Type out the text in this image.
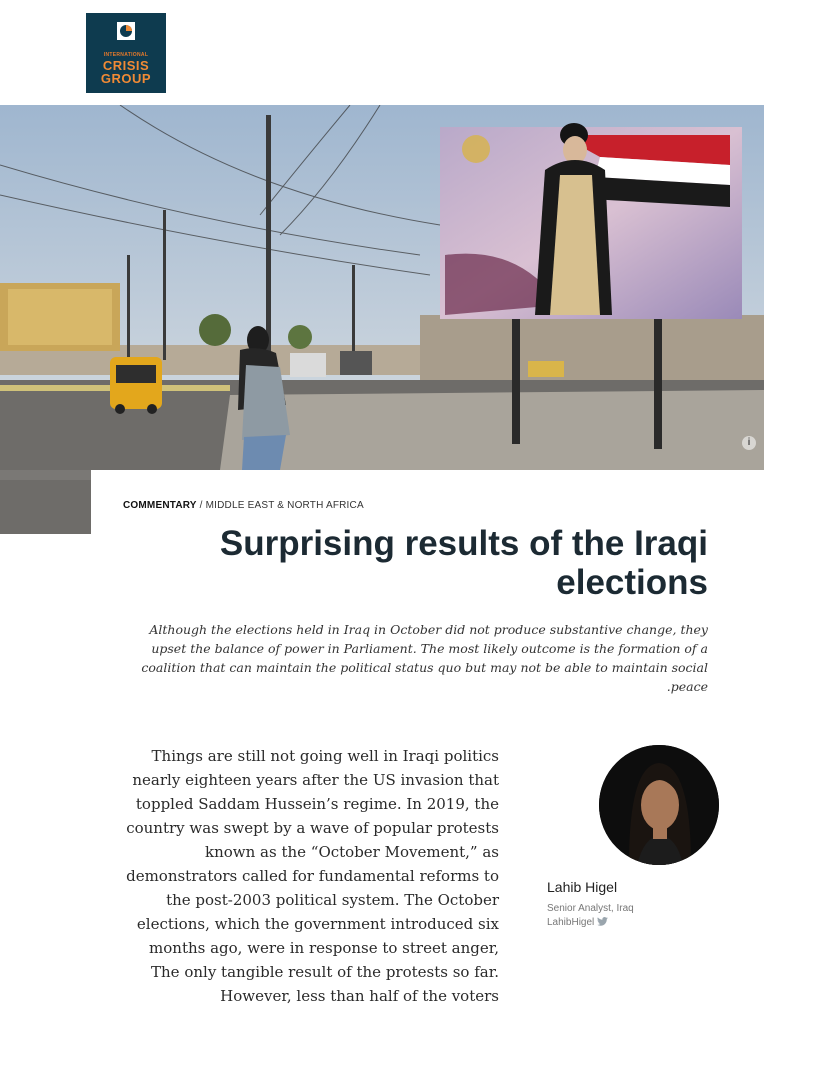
INTERNATIONAL
CRISIS
GROUP
i
COMMENTARY / MIDDLE EAST & NORTH AFRICA
Surprising results of the Iraqi elections

Although the elections held in Iraq in October did not produce substantive change, they upset the balance of power in Parliament. The most likely outcome is the formation of a coalition that can maintain the political status quo but may not be able to maintain social peace.

Things are still not going well in Iraqi politics nearly eighteen years after the US invasion that toppled Saddam Hussein’s regime. In 2019, the country was swept by a wave of popular protests known as the “October Movement,” as demonstrators called for fundamental reforms to the post-2003 political system. The October elections, which the government introduced six months ago, were in response to street anger, The only tangible result of the protests so far. However, less than half of the voters

Lahib Higel
Senior Analyst, Iraq
LahibHigel
